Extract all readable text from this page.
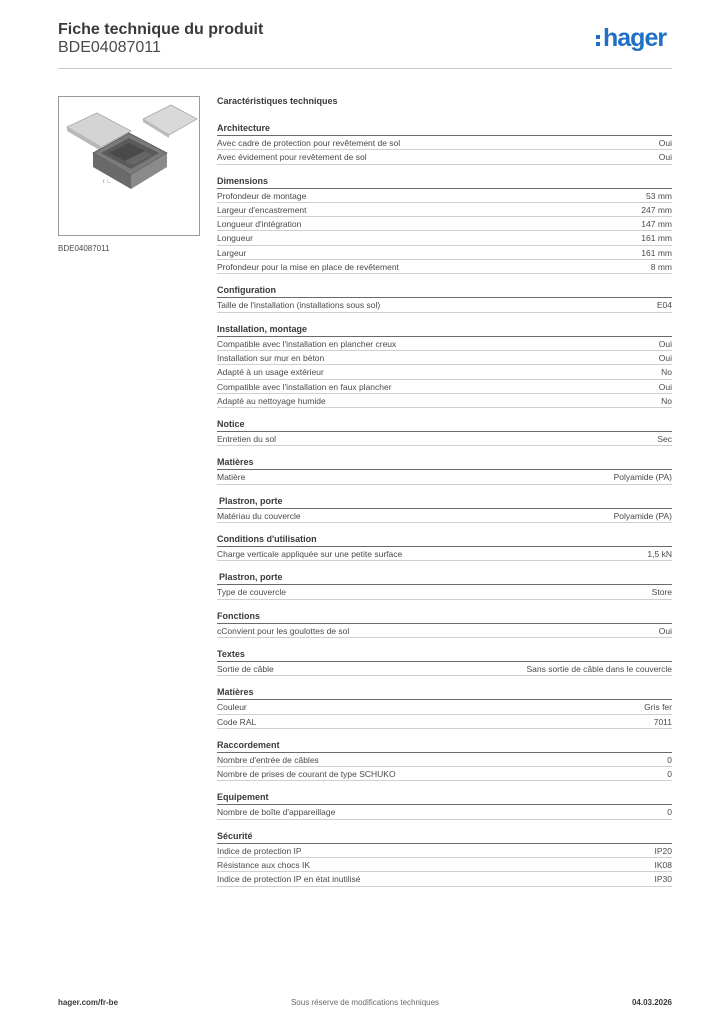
Fiche technique du produit
BDE04087011	hager
ı ∟
BDE04087011
Caractéristiques techniques
Architecture
Avec cadre de protection pour revêtement de sol	Oui
Avec évidement pour revêtement de sol	Oui
Dimensions
Profondeur de montage	53 mm
Largeur d'encastrement	247 mm
Longueur d'intégration	147 mm
Longueur	161 mm
Largeur	161 mm
Profondeur pour la mise en place de revêtement	8 mm
Configuration
Taille de l'installation (installations sous sol)	E04
Installation, montage
Compatible avec l'installation en plancher creux	Oui
Installation sur mur en béton	Oui
Adapté à un usage extérieur	No
Compatible avec l'installation en faux plancher	Oui
Adapté au nettoyage humide	No
Notice
Entretien du sol	Sec
Matières
Matière	Polyamide (PA)
Plastron, porte
Matériau du couvercle	Polyamide (PA)
Conditions d'utilisation
Charge verticale appliquée sur une petite surface	1,5 kN
Plastron, porte
Type de couvercle	Store
Fonctions
cConvient pour les goulottes de sol	Oui
Textes
Sortie de câble	Sans sortie de câble dans le couvercle
Matières
Couleur	Gris fer
Code RAL	7011
Raccordement
Nombre d'entrée de câbles	0
Nombre de prises de courant de type SCHUKO	0
Equipement
Nombre de boîte d'appareillage	0
Sécurité
Indice de protection IP	IP20
Résistance aux chocs IK	IK08
Indice de protection IP en état inutilisé	IP30
hager.com/fr-be	Sous réserve de modifications techniques	04.03.2026
